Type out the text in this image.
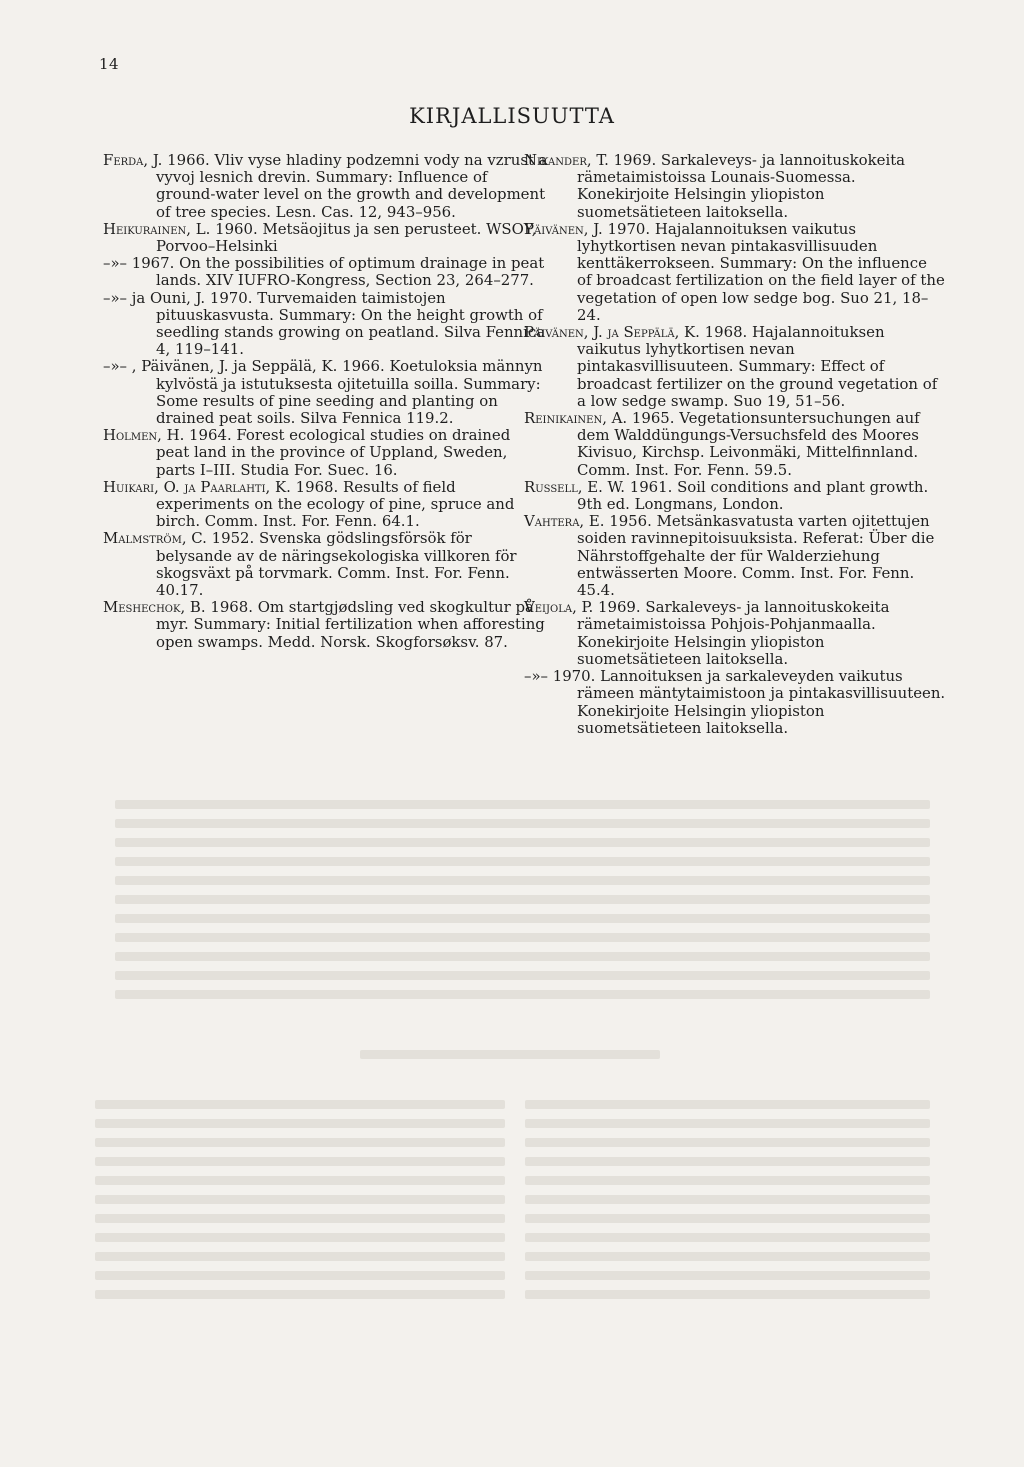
14
KIRJALLISUUTTA

Ferda, J. 1966. Vliv vyse hladiny podzemni vody na vzrust a vyvoj lesnich drevin. Summary: Influence of ground-water level on the growth and development of tree species. Lesn. Cas. 12, 943–956.

Heikurainen, L. 1960. Metsäojitus ja sen perusteet. WSOY, Porvoo–Helsinki

–»– 1967. On the possibilities of optimum drainage in peat lands. XIV IUFRO-Kongress, Section 23, 264–277.

–»– ja Ouni, J. 1970. Turvemaiden taimistojen pituuskasvusta. Summary: On the height growth of seedling stands growing on peatland. Silva Fennica 4, 119–141.

–»– , Päivänen, J. ja Seppälä, K. 1966. Koetuloksia männyn kylvöstä ja istutuksesta ojitetuilla soilla. Summary: Some results of pine seeding and planting on drained peat soils. Silva Fennica 119.2.

Holmen, H. 1964. Forest ecological studies on drained peat land in the province of Uppland, Sweden, parts I–III. Studia For. Suec. 16.

Huikari, O. ja Paarlahti, K. 1968. Results of field experiments on the ecology of pine, spruce and birch. Comm. Inst. For. Fenn. 64.1.

Malmström, C. 1952. Svenska gödslingsförsök för belysande av de näringsekologiska villkoren för skogsväxt på torvmark. Comm. Inst. For. Fenn. 40.17.

Meshechok, B. 1968. Om startgjødsling ved skogkultur på myr. Summary: Initial fertilization when afforesting open swamps. Medd. Norsk. Skogforsøksv. 87.

Nikander, T. 1969. Sarkaleveys- ja lannoituskokeita rämetaimistoissa Lounais-Suomessa. Konekirjoite Helsingin yliopiston suometsätieteen laitoksella.

Päivänen, J. 1970. Hajalannoituksen vaikutus lyhytkortisen nevan pintakasvillisuuden kenttäkerrokseen. Summary: On the influence of broadcast fertilization on the field layer of the vegetation of open low sedge bog. Suo 21, 18–24.

Päivänen, J. ja Seppälä, K. 1968. Hajalannoituksen vaikutus lyhytkortisen nevan pintakasvillisuuteen. Summary: Effect of broadcast fertilizer on the ground vegetation of a low sedge swamp. Suo 19, 51–56.

Reinikainen, A. 1965. Vegetationsuntersuchungen auf dem Walddüngungs-Versuchsfeld des Moores Kivisuo, Kirchsp. Leivonmäki, Mittelfinnland. Comm. Inst. For. Fenn. 59.5.

Russell, E. W. 1961. Soil conditions and plant growth. 9th ed. Longmans, London.

Vahtera, E. 1956. Metsänkasvatusta varten ojitettujen soiden ravinnepitoisuuksista. Referat: Über die Nährstoffgehalte der für Walderziehung entwässerten Moore. Comm. Inst. For. Fenn. 45.4.

Veijola, P. 1969. Sarkaleveys- ja lannoituskokeita rämetaimistoissa Pohjois-Pohjanmaalla. Konekirjoite Helsingin yliopiston suometsätieteen laitoksella.

–»– 1970. Lannoituksen ja sarkaleveyden vaikutus rämeen mäntytaimistoon ja pintakasvillisuuteen. Konekirjoite Helsingin yliopiston suometsätieteen laitoksella.
